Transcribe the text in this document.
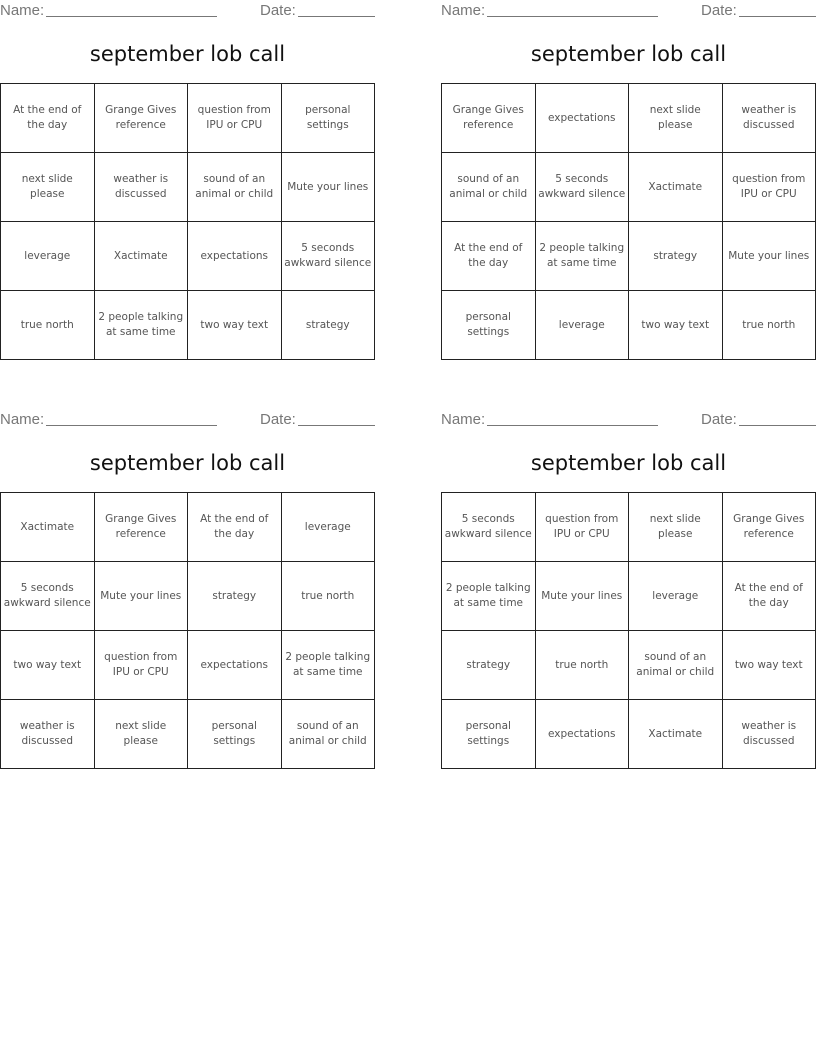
Name:	Date:
september lob call
At the end of the day	Grange Gives reference	question from IPU or CPU	personal settings
next slide please	weather is discussed	sound of an animal or child	Mute your lines
leverage	Xactimate	expectations	5 seconds awkward silence
true north	2 people talking at same time	two way text	strategy
Name:	Date:
september lob call
Grange Gives reference	expectations	next slide please	weather is discussed
sound of an animal or child	5 seconds awkward silence	Xactimate	question from IPU or CPU
At the end of the day	2 people talking at same time	strategy	Mute your lines
personal settings	leverage	two way text	true north
Name:	Date:
september lob call
Xactimate	Grange Gives reference	At the end of the day	leverage
5 seconds awkward silence	Mute your lines	strategy	true north
two way text	question from IPU or CPU	expectations	2 people talking at same time
weather is discussed	next slide please	personal settings	sound of an animal or child
Name:	Date:
september lob call
5 seconds awkward silence	question from IPU or CPU	next slide please	Grange Gives reference
2 people talking at same time	Mute your lines	leverage	At the end of the day
strategy	true north	sound of an animal or child	two way text
personal settings	expectations	Xactimate	weather is discussed
